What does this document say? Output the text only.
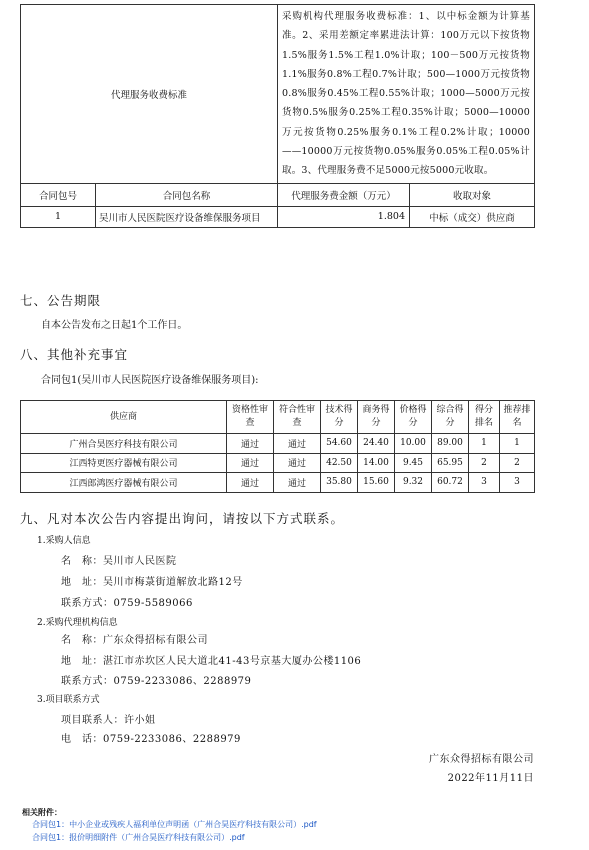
代理服务收费标准		采购机构代理服务收费标准：1、以中标金额为计算基准。2、采用差额定率累进法计算：100万元以下按货物1.5%服务1.5%工程1.0%计取；100－500万元按货物1.1%服务0.8%工程0.7%计取；500—1000万元按货物0.8%服务0.45%工程0.55%计取；1000—5000万元按货物0.5%服务0.25%工程0.35%计取；5000—10000万元按货物0.25%服务0.1%工程0.2%计取；10000——10000万元按货物0.05%服务0.05%工程0.05%计取。3、代理服务费不足5000元按5000元收取。	
合同包号	合同包名称	代理服务费金额（万元）	收取对象
1	吴川市人民医院医疗设备维保服务项目	1.804	中标（成交）供应商
七、公告期限
自本公告发布之日起1个工作日。
八、其他补充事宜
合同包1(吴川市人民医院医疗设备维保服务项目):
供应商	资格性审查	符合性审查	技术得分	商务得分	价格得分	综合得分	得分排名	推荐排名
广州合昊医疗科技有限公司	通过	通过	54.60	24.40	10.00	89.00	1	1
江西特更医疗器械有限公司	通过	通过	42.50	14.00	9.45	65.95	2	2
江西郎鸿医疗器械有限公司	通过	通过	35.80	15.60	9.32	60.72	3	3
九、凡对本次公告内容提出询问，请按以下方式联系。
1.采购人信息
名　称：吴川市人民医院
地　址：吴川市梅菉街道解放北路12号
联系方式：0759-5589066
2.采购代理机构信息
名　称：广东众得招标有限公司
地　址：湛江市赤坎区人民大道北41-43号京基大厦办公楼1106
联系方式：0759-2233086、2288979
3.项目联系方式
项目联系人：许小姐
电　话：0759-2233086、2288979
广东众得招标有限公司
2022年11月11日
相关附件：
合同包1：中小企业或残疾人福利单位声明函（广州合昊医疗科技有限公司）.pdf
合同包1：报价明细附件（广州合昊医疗科技有限公司）.pdf
